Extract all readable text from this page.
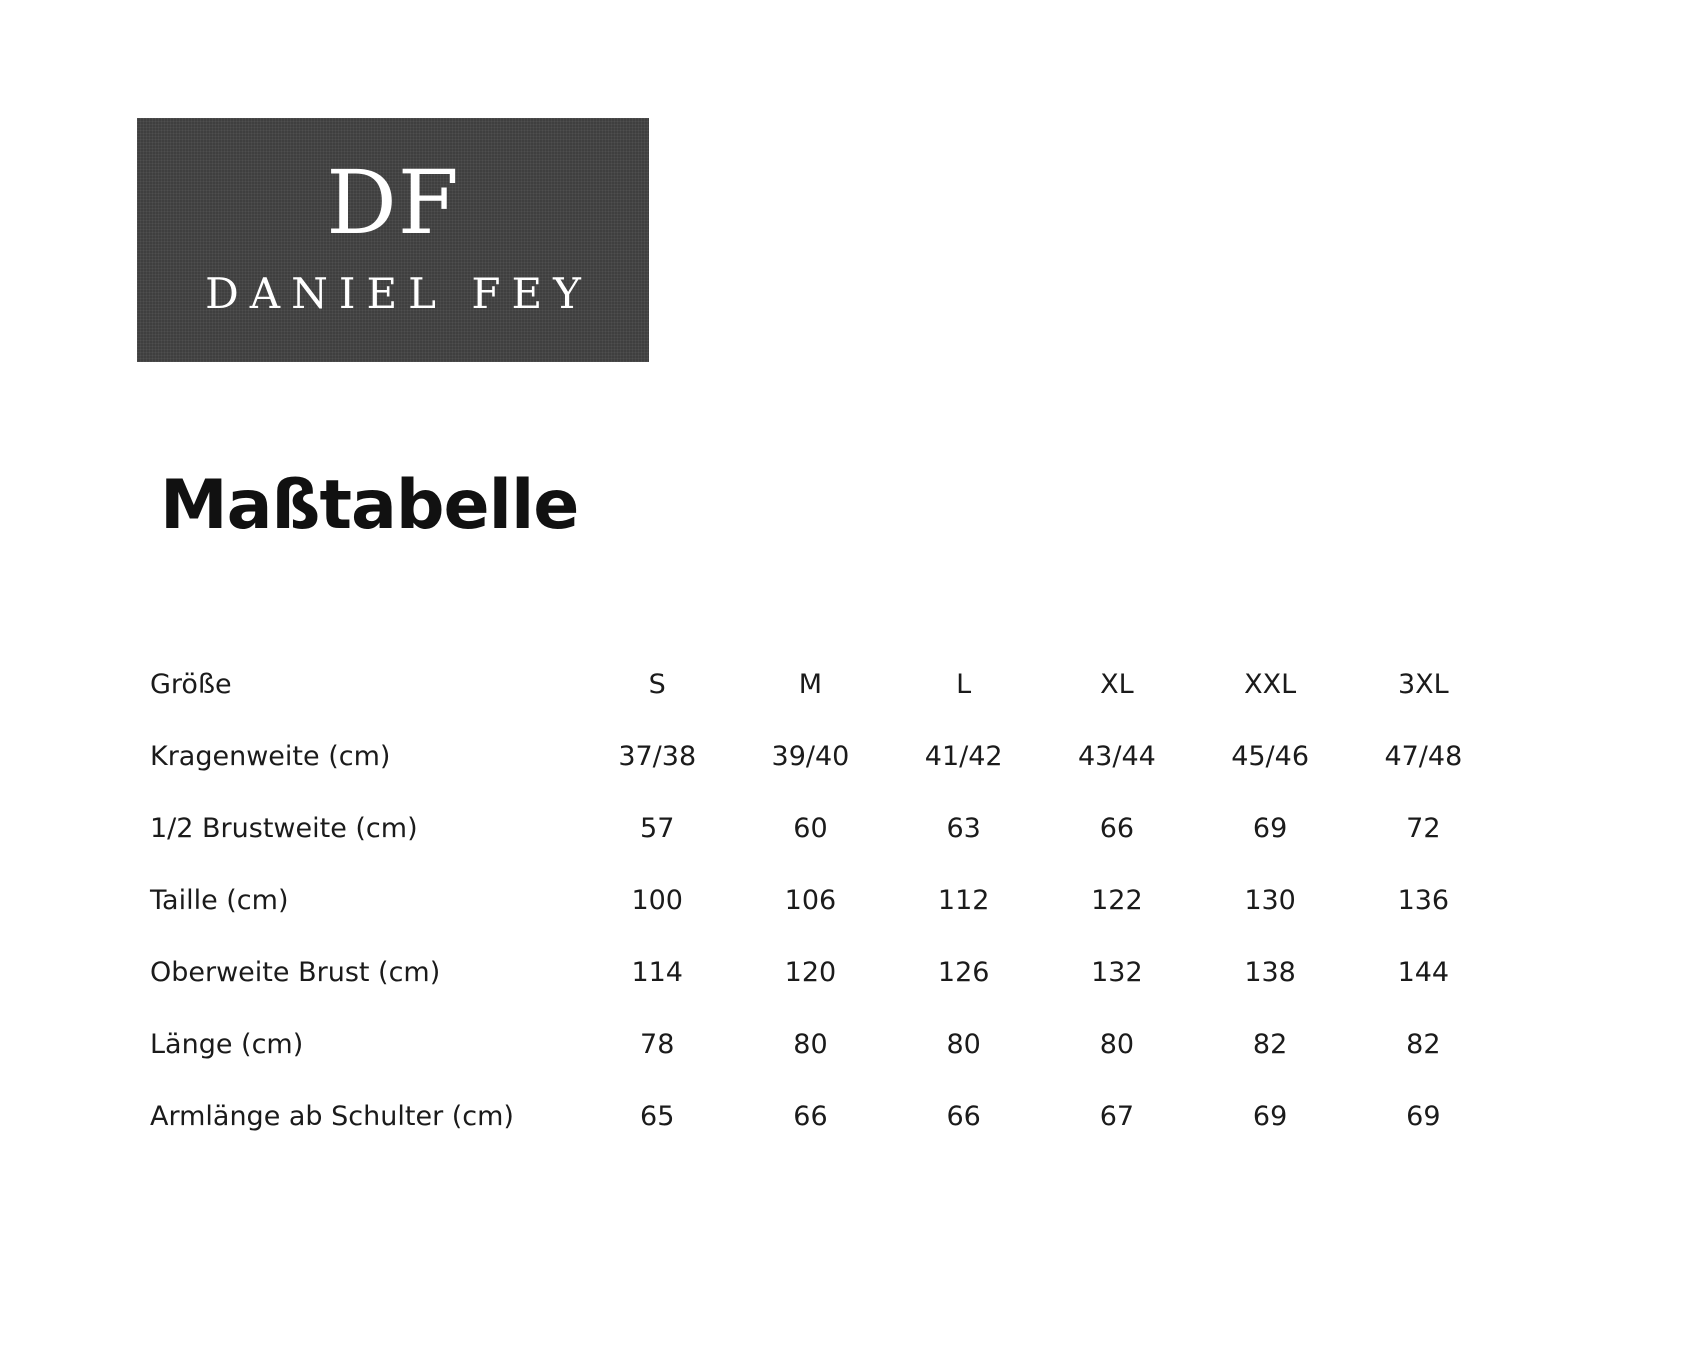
DF
DANIEL FEY
Maßtabelle
Größe	S	M	L	XL	XXL	3XL
Kragenweite (cm)	37/38	39/40	41/42	43/44	45/46	47/48
1/2 Brustweite (cm)	57	60	63	66	69	72
Taille (cm)	100	106	112	122	130	136
Oberweite Brust (cm)	114	120	126	132	138	144
Länge (cm)	78	80	80	80	82	82
Armlänge ab Schulter (cm)	65	66	66	67	69	69
